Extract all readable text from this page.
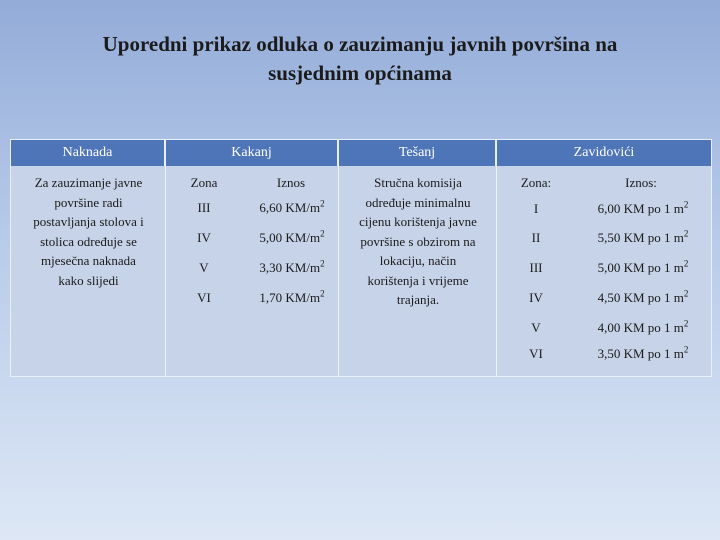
Uporedni prikaz odluka o zauzimanju javnih površina na
susjednim općinama
Naknada	Kakanj	Tešanj	Zavidovići
Za zauzimanje javne
površine radi
postavljanja stolova i
stolica određuje se
mjesečna naknada
kako slijedi
Zona	Iznos
III	6,60 $KM/m^2$
IV	5,00 $KM/m^2$
V	3,30 $KM/m^2$
VI	1,70 $KM/m^2$
Stručna komisija
određuje minimalnu
cijenu korištenja javne
površine s obzirom na
lokaciju, način
korištenja i vrijeme
trajanja.
Zona:	Iznos:
I	6,00 KM po 1 $m^2$
II	5,50 KM po 1 $m^2$
III	5,00 KM po 1 $m^2$
IV	4,50 KM po 1 $m^2$
V	4,00 KM po 1 $m^2$
VI	3,50 KM po 1 $m^2$
